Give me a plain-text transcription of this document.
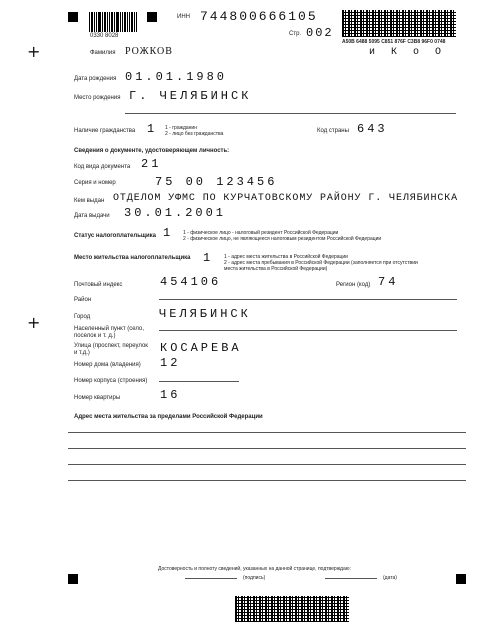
+
+
0330 8028
ИНН 744800666105
Стр. 002
A50B 6488 5095 C851 876F C3B8 96F0 0748
и К о О
Фамилия РОЖКОВ
Дата рождения 01.01.1980
Место рождения Г. ЧЕЛЯБИНСК
Наличие гражданства 1 1 - гражданин
2 - лицо без гражданства	Код страны 643
Сведения о документе, удостоверяющем личность:
Код вида документа 21
Серия и номер	75 00 123456
Кем выдан ОТДЕЛОМ УФМС ПО КУРЧАТОВСКОМУ РАЙОНУ Г. ЧЕЛЯБИНСКА
Дата выдачи 30.01.2001
Статус налогоплательщика 1 1 - физическое лицо - налоговый резидент Российской Федерации
2 - физическое лицо, не являющееся налоговым резидентом Российской Федерации
Место жительства налогоплательщика 1 1 - адрес места жительства в Российской Федерации
2 - адрес места пребывания в Российской Федерации (заполняется при отсутствии
места жительства в Российской Федерации)
Почтовый индекс	454106	Регион (код) 74
Район
Город	ЧЕЛЯБИНСК
Населенный пункт (село,
поселок и т. д.)
Улица (проспект, переулок
и т.д.)	КОСАРЕВА
Номер дома (владения) 12
Номер корпуса (строения)
Номер квартиры	16
Адрес места жительства за пределами Российской Федерации
Достоверность и полноту сведений, указанных на данной странице, подтверждаю:
(подпись)	(дата)
